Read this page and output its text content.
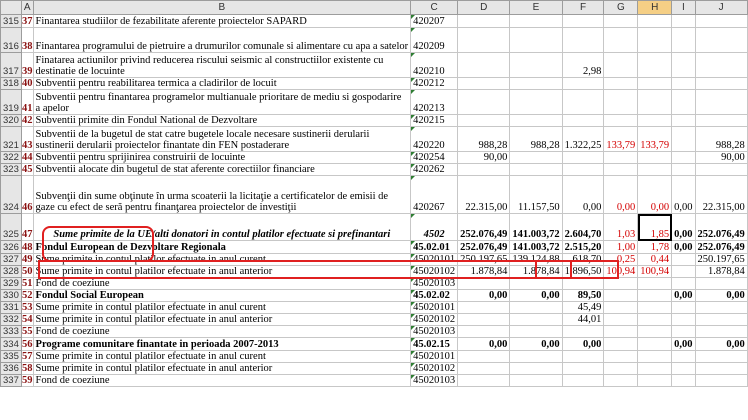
	A	B	C	D	E	F	G	H	I	J
315	37	Finantarea studiilor de fezabilitate aferente proiectelor SAPARD	420207							
316	38	Finantarea programului de pietruire a drumurilor comunale si alimentare cu apa a satelor	420209							
317	39	Finatarea actiunilor privind reducerea riscului seismic al constructiilor existente cu destinatie de locuinte	420210			2,98				
318	40	Subventii pentru reabilitarea termica a cladirilor de locuit	420212							
319	41	Subventii pentru finantarea programelor multianuale prioritare de mediu si gospodarire a apelor	420213							
320	42	Subventii primite din Fondul National de Dezvoltare	420215							
321	43	Subventii de la bugetul de stat catre bugetele locale necesare sustinerii derularii sustinerii derularii proiectelor finantate din FEN postaderare	420220	988,28	988,28	1.322,25	133,79	133,79		988,28
322	44	Subventii pentru sprijinirea construirii de locuinte	420254	90,00						90,00
323	45	Subventii alocate din bugetul de stat aferente corectiilor financiare	420262							
324	46	Subvenţii din sume obţinute în urma scoaterii la licitaţie a certificatelor de emisii de gaze cu efect de seră pentru finanţarea proiectelor de investiţii	420267	22.315,00	11.157,50	0,00	0,00	0,00	0,00	22.315,00
325	47	Sume primite de la UE/alti donatori in contul platilor efectuate si prefinantari	4502	252.076,49	141.003,72	2.604,70	1,03	1,85	0,00	252.076,49
326	48	Fondul European de Dezvoltare Regionala	45.02.01	252.076,49	141.003,72	2.515,20	1,00	1,78	0,00	252.076,49
327	49	Sume primite in contul platilor efectuate in anul curent	45020101	250.197,65	139.124,88	618,70	0,25	0,44		250.197,65
328	50	Sume primite in contul platilor efectuate in anul anterior	45020102	1.878,84	1.878,84	1.896,50	100,94	100,94		1.878,84
329	51	Fond de coeziune	45020103							
330	52	Fondul Social European	45.02.02	0,00	0,00	89,50			0,00	0,00
331	53	Sume primite in contul platilor efectuate in anul curent	45020101			45,49				
332	54	Sume primite in contul platilor efectuate in anul anterior	45020102			44,01				
333	55	Fond de coeziune	45020103							
334	56	Programe comunitare finantate in perioada 2007-2013	45.02.15	0,00	0,00	0,00			0,00	0,00
335	57	Sume primite in contul platilor efectuate in anul curent	45020101							
336	58	Sume primite in contul platilor efectuate in anul anterior	45020102							
337	59	Fond de coeziune	45020103							
